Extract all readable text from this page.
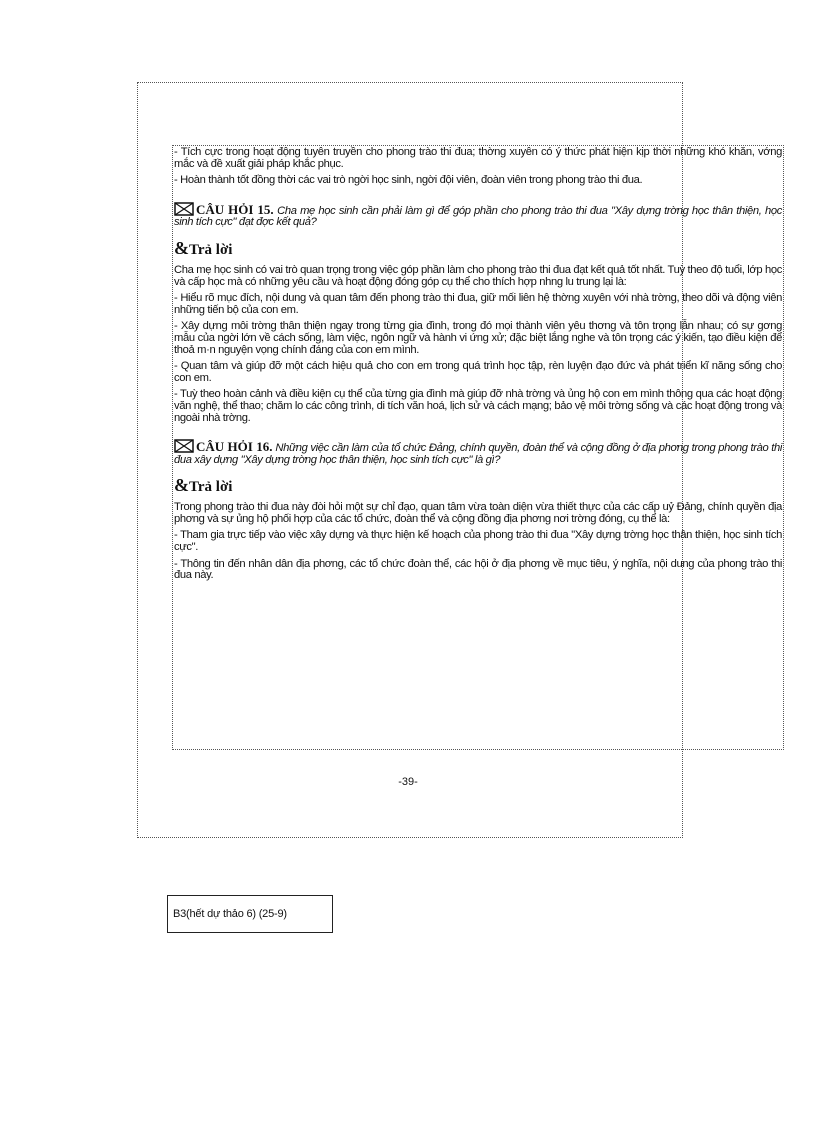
- Tích cực trong hoạt động tuyên truyền cho phong trào thi đua; thờng xuyên có ý thức phát hiện kịp thời những khó khăn, vớng mắc và đề xuất giải pháp khắc phục.

- Hoàn thành tốt đồng thời các vai trò ngời học sinh, ngời đội viên, đoàn viên trong phong trào thi đua.

CÂU HỎI 15. Cha mẹ học sinh cần phải làm gì để góp phần cho phong trào thi đua "Xây dựng trờng học thân thiện, học sinh tích cực" đạt đợc kết quả?
&Trả lời

Cha mẹ học sinh có vai trò quan trọng trong việc góp phần làm cho phong trào thi đua đạt kết quả tốt nhất. Tuỳ theo độ tuổi, lớp học và cấp học mà có những yêu cầu và hoạt động đóng góp cụ thể cho thích hợp nhng lu trung lại là:

- Hiểu rõ mục đích, nội dung và quan tâm đến phong trào thi đua, giữ mối liên hệ thờng xuyên với nhà trờng, theo dõi và động viên những tiến bộ của con em.

- Xây dựng môi trờng thân thiện ngay trong từng gia đình, trong đó mọi thành viên yêu thơng và tôn trọng lẫn nhau; có sự gơng mẫu của ngời lớn về cách sống, làm việc, ngôn ngữ và hành vi ứng xử; đặc biệt lắng nghe và tôn trọng các ý kiến, tạo điều kiện để thoả m·n nguyện vọng chính đáng của con em mình.

- Quan tâm và giúp đỡ một cách hiệu quả cho con em trong quá trình học tập, rèn luyện đạo đức và phát triển kĩ năng sống cho con em.

- Tuỳ theo hoàn cảnh và điều kiện cụ thể của từng gia đình mà giúp đỡ nhà trờng và ủng hộ con em mình thông qua các hoạt động văn nghệ, thể thao; chăm lo các công trình, di tích văn hoá, lịch sử và cách mạng; bảo vệ môi trờng sống và các hoạt động trong và ngoài nhà trờng.

CÂU HỎI 16. Những việc cần làm của tổ chức Đảng, chính quyền, đoàn thể và cộng đồng ở địa phơng trong phong trào thi đua xây dựng "Xây dựng trờng học thân thiện, học sinh tích cực" là gì?
&Trả lời

Trong phong trào thi đua này đòi hỏi một sự chỉ đạo, quan tâm vừa toàn diện vừa thiết thực của các cấp uỷ Đảng, chính quyền địa phơng và sự ủng hộ phối hợp của các tổ chức, đoàn thể và cộng đồng địa phơng nơi trờng đóng, cụ thể là:

- Tham gia trực tiếp vào việc xây dựng và thực hiện kế hoạch của phong trào thi đua "Xây dựng trờng học thân thiện, học sinh tích cực".

- Thông tin đến nhân dân địa phơng, các tổ chức đoàn thể, các hội ở địa phơng về mục tiêu, ý nghĩa, nội dung của phong trào thi đua này.

-39-
B3(hết dự thảo 6) (25-9)
